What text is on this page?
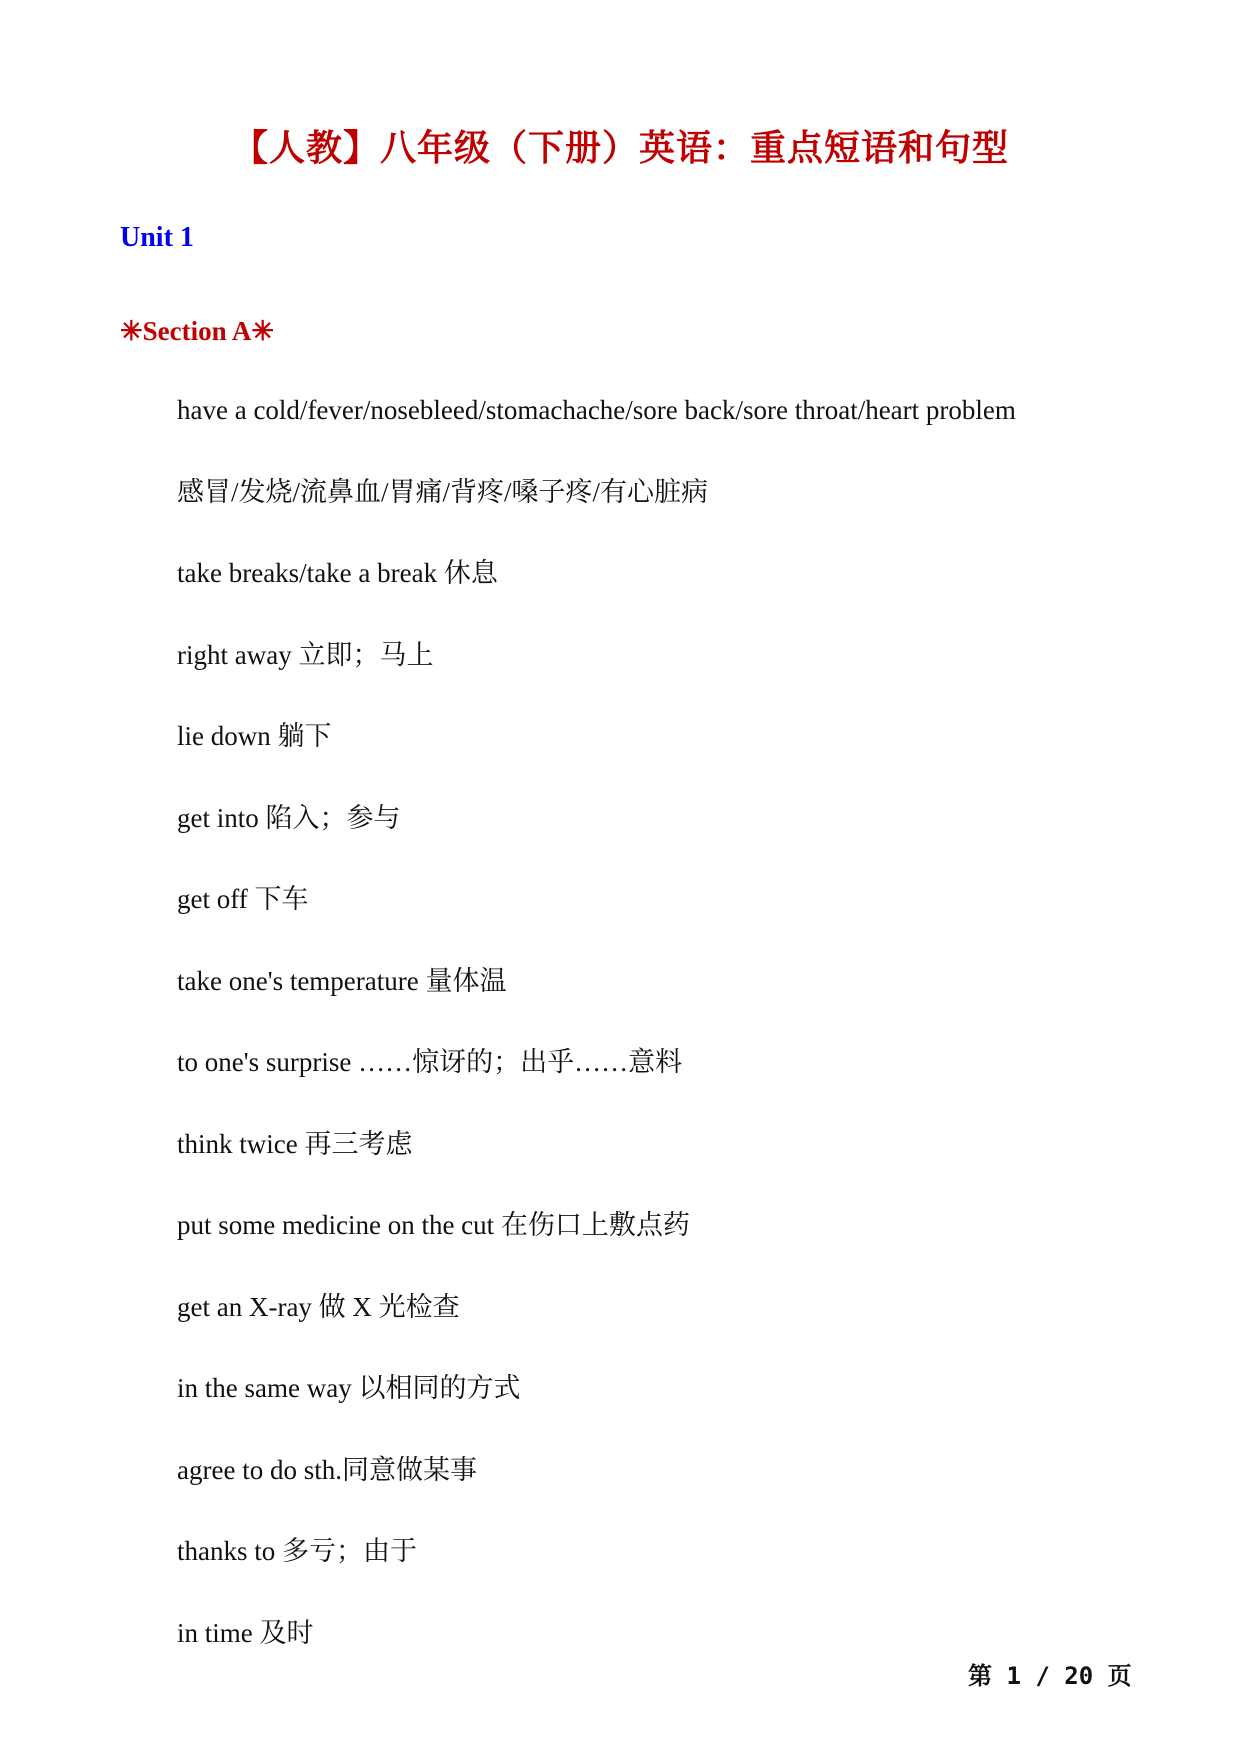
【人教】八年级（下册）英语：重点短语和句型
Unit 1
✳Section A✳
have a cold/fever/nosebleed/stomachache/sore back/sore throat/heart problem
感冒/发烧/流鼻血/胃痛/背疼/嗓子疼/有心脏病
take breaks/take a break 休息
right away 立即；马上
lie down 躺下
get into 陷入；参与
get off 下车
take one's temperature 量体温
to one's surprise ……惊讶的；出乎……意料
think twice 再三考虑
put some medicine on the cut 在伤口上敷点药
get an X-ray 做 X 光检查
in the same way 以相同的方式
agree to do sth.同意做某事
thanks to 多亏；由于
in time 及时
第 1 / 20 页
